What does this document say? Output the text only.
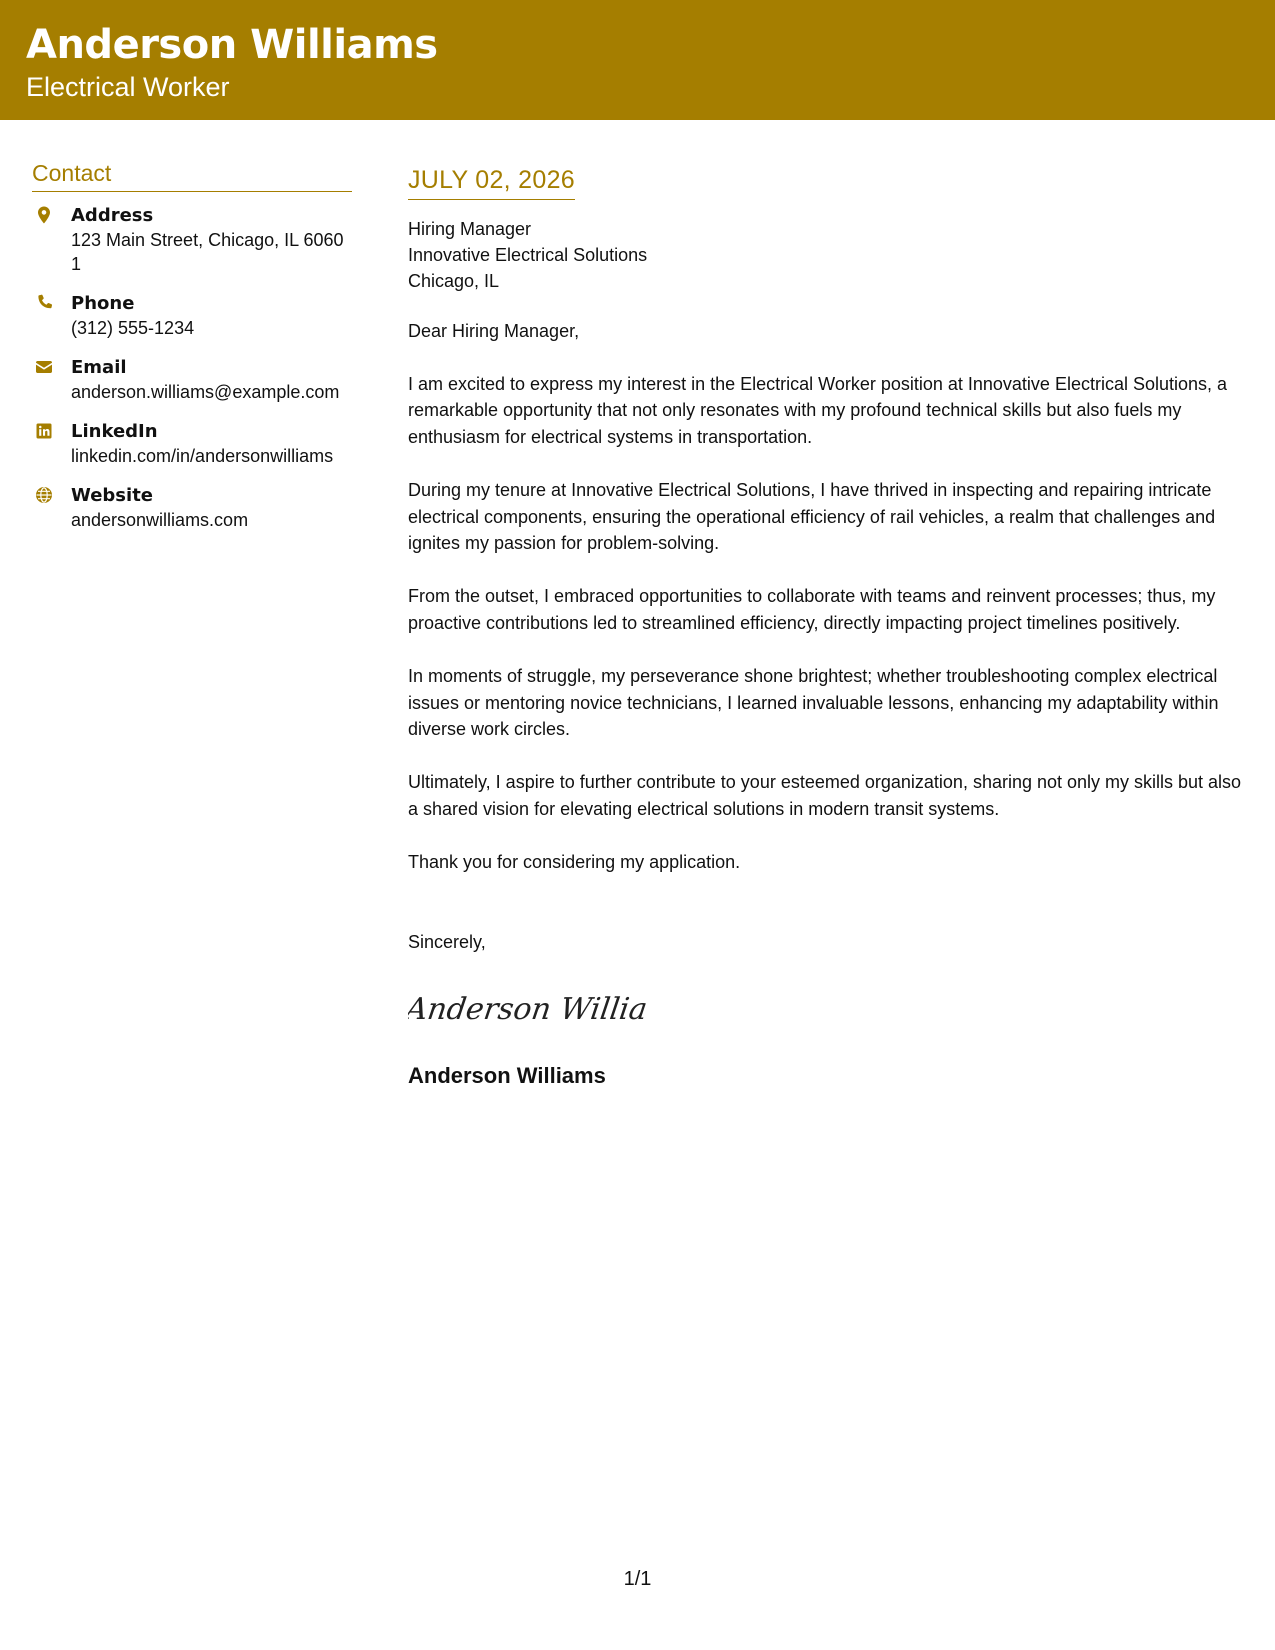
Anderson Williams
Electrical Worker
Contact
Address
123 Main Street, Chicago, IL 60601
Phone
(312) 555-1234
Email
anderson.williams@example.com
LinkedIn
linkedin.com/in/andersonwilliams
Website
andersonwilliams.com
JULY 02, 2026
Hiring Manager
Innovative Electrical Solutions
Chicago, IL
Dear Hiring Manager,
I am excited to express my interest in the Electrical Worker position at Innovative Electrical Solutions, a remarkable opportunity that not only resonates with my profound technical skills but also fuels my enthusiasm for electrical systems in transportation.
During my tenure at Innovative Electrical Solutions, I have thrived in inspecting and repairing intricate electrical components, ensuring the operational efficiency of rail vehicles, a realm that challenges and ignites my passion for problem-solving.
From the outset, I embraced opportunities to collaborate with teams and reinvent processes; thus, my proactive contributions led to streamlined efficiency, directly impacting project timelines positively.
In moments of struggle, my perseverance shone brightest; whether troubleshooting complex electrical issues or mentoring novice technicians, I learned invaluable lessons, enhancing my adaptability within diverse work circles.
Ultimately, I aspire to further contribute to your esteemed organization, sharing not only my skills but also a shared vision for elevating electrical solutions in modern transit systems.
Thank you for considering my application.
Sincerely,
Anderson Willia
Anderson Williams
1/1
